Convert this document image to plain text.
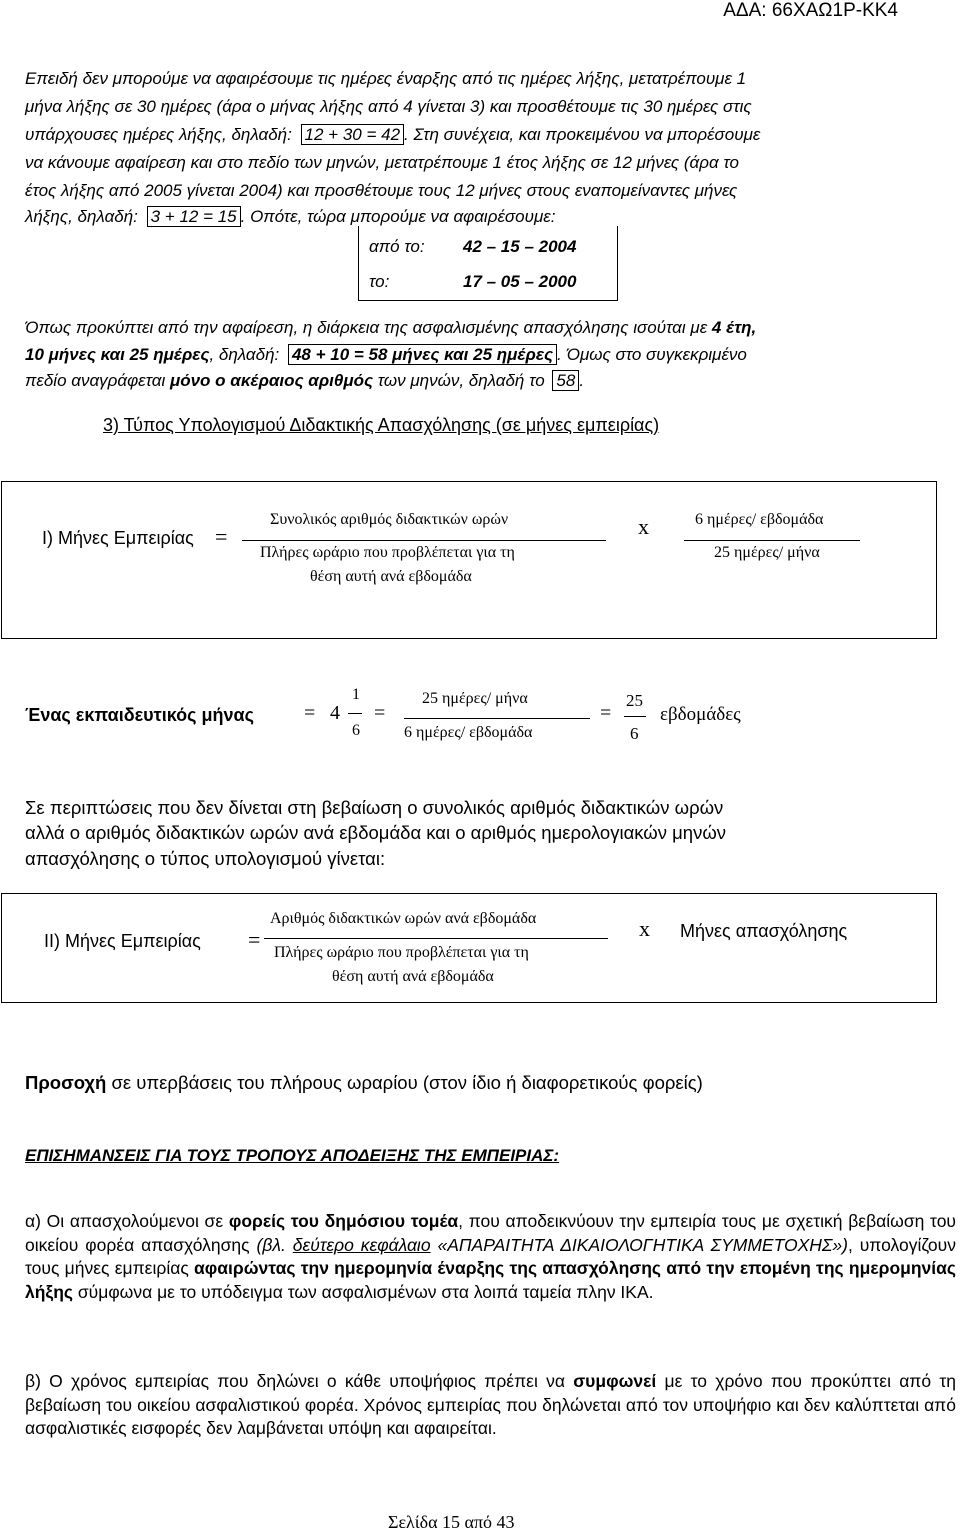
ΑΔΑ: 66ΧΑΩ1Ρ-ΚΚ4
Επειδή δεν μπορούμε να αφαιρέσουμε τις ημέρες έναρξης από τις ημέρες λήξης, μετατρέπουμε 1
μήνα λήξης σε 30 ημέρες (άρα ο μήνας λήξης από 4 γίνεται 3) και προσθέτουμε τις 30 ημέρες στις
υπάρχουσες ημέρες λήξης, δηλαδή: 12 + 30 = 42 . Στη συνέχεια, και προκειμένου να μπορέσουμε
να κάνουμε αφαίρεση και στο πεδίο των μηνών, μετατρέπουμε 1 έτος λήξης σε 12 μήνες (άρα το
έτος λήξης από 2005 γίνεται 2004) και προσθέτουμε τους 12 μήνες στους εναπομείναντες μήνες
λήξης, δηλαδή: 3 + 12 = 15 . Οπότε, τώρα μπορούμε να αφαιρέσουμε:
από το: 42 – 15 – 2004
το:	17 – 05 – 2000
Όπως προκύπτει από την αφαίρεση, η διάρκεια της ασφαλισμένης απασχόλησης ισούται με 4 έτη,
10 μήνες και 25 ημέρες, δηλαδή: 48 + 10 = 58 μήνες και 25 ημέρες . Όμως στο συγκεκριμένο
πεδίο αναγράφεται μόνο ο ακέραιος αριθμός των μηνών, δηλαδή το 58 .
3) Τύπος Υπολογισμού Διδακτικής Απασχόλησης (σε μήνες εμπειρίας)
Ι) Μήνες Εμπειρίας =
Συνολικός αριθμός διδακτικών ωρών
Πλήρες ωράριο που προβλέπεται για τη
θέση αυτή ανά εβδομάδα
x	6 ημέρες/ εβδομάδα
25 ημέρες/ μήνα
Ένας εκπαιδευτικός μήνας	= 4
1
6
=
25 ημέρες/ μήνα
6 ημέρες/ εβδομάδα
=
25
6
εβδομάδες
Σε περιπτώσεις που δεν δίνεται στη βεβαίωση ο συνολικός αριθμός διδακτικών ωρών
αλλά ο αριθμός διδακτικών ωρών ανά εβδομάδα και ο αριθμός ημερολογιακών μηνών
απασχόλησης ο τύπος υπολογισμού γίνεται:
ΙΙ) Μήνες Εμπειρίας =
Αριθμός διδακτικών ωρών ανά εβδομάδα
Πλήρες ωράριο που προβλέπεται για τη
θέση αυτή ανά εβδομάδα
x Μήνες απασχόλησης
Προσοχή σε υπερβάσεις του πλήρους ωραρίου (στον ίδιο ή διαφορετικούς φορείς)
ΕΠΙΣΗΜΑΝΣΕΙΣ ΓΙΑ ΤΟΥΣ ΤΡΟΠΟΥΣ ΑΠΟΔΕΙΞΗΣ ΤΗΣ ΕΜΠΕΙΡΙΑΣ:
α) Οι απασχολούμενοι σε φορείς του δημόσιου τομέα, που αποδεικνύουν την εμπειρία τους με σχετική βεβαίωση του οικείου φορέα απασχόλησης (βλ. δεύτερο κεφάλαιο «ΑΠΑΡΑΙΤΗΤΑ ΔΙΚΑΙΟΛΟΓΗΤΙΚΑ ΣΥΜΜΕΤΟΧΗΣ»), υπολογίζουν τους μήνες εμπειρίας αφαιρώντας την ημερομηνία έναρξης της απασχόλησης από την επομένη της ημερομηνίας λήξης σύμφωνα με το υπόδειγμα των ασφαλισμένων στα λοιπά ταμεία πλην ΙΚΑ.
β) Ο χρόνος εμπειρίας που δηλώνει ο κάθε υποψήφιος πρέπει να συμφωνεί με το χρόνο που προκύπτει από τη βεβαίωση του οικείου ασφαλιστικού φορέα. Χρόνος εμπειρίας που δηλώνεται από τον υποψήφιο και δεν καλύπτεται από ασφαλιστικές εισφορές δεν λαμβάνεται υπόψη και αφαιρείται.
Σελίδα 15 από 43
